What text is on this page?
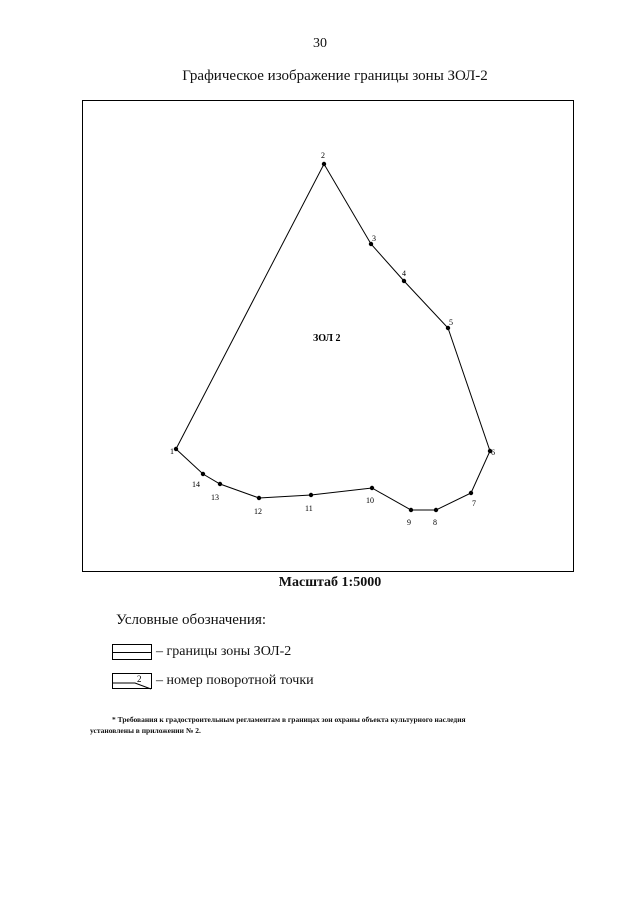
30
Графическое изображение границы зоны ЗОЛ-2
ЗОЛ 2
1
2
3
4
5
6
7
8
9
10
11
12
13
14
Масштаб 1:5000
Условные обозначения:
– границы зоны ЗОЛ-2
2 – номер поворотной точки
* Требования к градостроительным регламентам в границах зон охраны объекта культурного наследия
установлены в приложении № 2.
